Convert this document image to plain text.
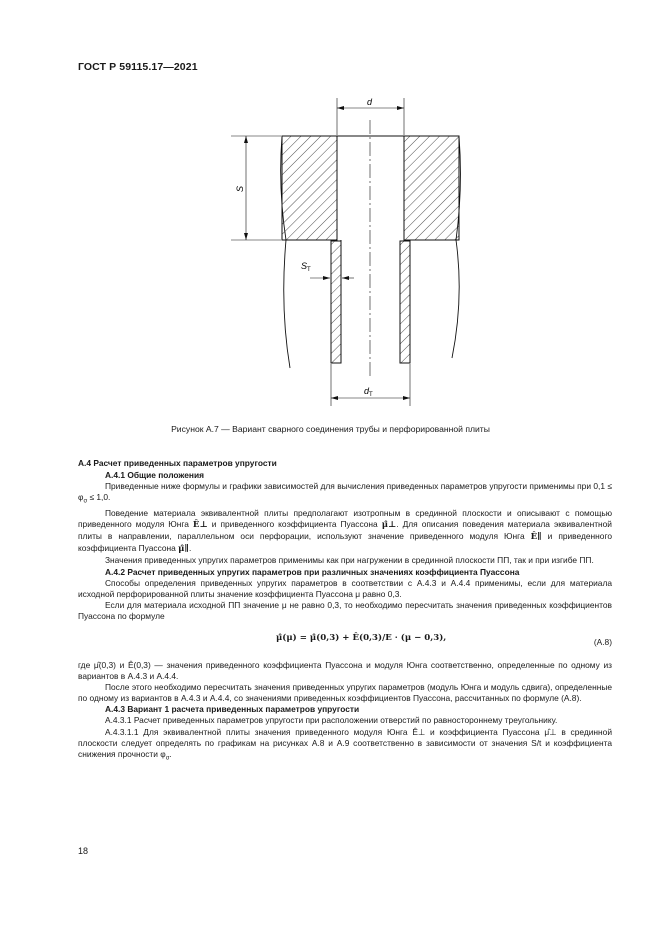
ГОСТ Р 59115.17—2021
d
S
$S_T$
$d_T$
Рисунок А.7 — Вариант сварного соединения трубы и перфорированной плиты

А.4 Расчет приведенных параметров упругости

А.4.1 Общие положения

Приведенные ниже формулы и графики зависимостей для вычисления приведенных параметров упругости применимы при $0,1 \le \varphi_\sigma \le 1,0$.

Поведение материала эквивалентной плиты предполагают изотропным в срединной плоскости и описывают с помощью приведенного модуля Юнга Ê⊥ и приведенного коэффициента Пуассона μ̂⊥. Для описания поведения материала эквивалентной плиты в направлении, параллельном оси перфорации, используют значение приведенного модуля Юнга Ê∥ и приведенного коэффициента Пуассона μ̂∥.

Значения приведенных упругих параметров применимы как при нагружении в срединной плоскости ПП, так и при изгибе ПП.

А.4.2 Расчет приведенных упругих параметров при различных значениях коэффициента Пуассона

Способы определения приведенных упругих параметров в соответствии с А.4.3 и А.4.4 применимы, если для материала исходной перфорированной плиты значение коэффициента Пуассона μ равно 0,3.

Если для материала исходной ПП значение μ не равно 0,3, то необходимо пересчитать значения приведенных коэффициентов Пуассона по формуле

μ̂(μ) = μ̂(0,3) + Ê(0,3)/E · (μ − 0,3),	(А.8)

где μ̂(0,3) и Ê(0,3) — значения приведенного коэффициента Пуассона и модуля Юнга соответственно, определенные по одному из вариантов в А.4.3 и А.4.4.

После этого необходимо пересчитать значения приведенных упругих параметров (модуль Юнга и модуль сдвига), определенные по одному из вариантов в А.4.3 и А.4.4, со значениями приведенных коэффициентов Пуассона, рассчитанных по формуле (А.8).

А.4.3 Вариант 1 расчета приведенных параметров упругости

А.4.3.1 Расчет приведенных параметров упругости при расположении отверстий по равностороннему треугольнику.

А.4.3.1.1 Для эквивалентной плиты значения приведенного модуля Юнга Ê⊥ и коэффициента Пуассона μ̂⊥ в срединной плоскости следует определять по графикам на рисунках А.8 и А.9 соответственно в зависимости от значения S/t и коэффициента снижения прочности $\varphi_\sigma$.

18
